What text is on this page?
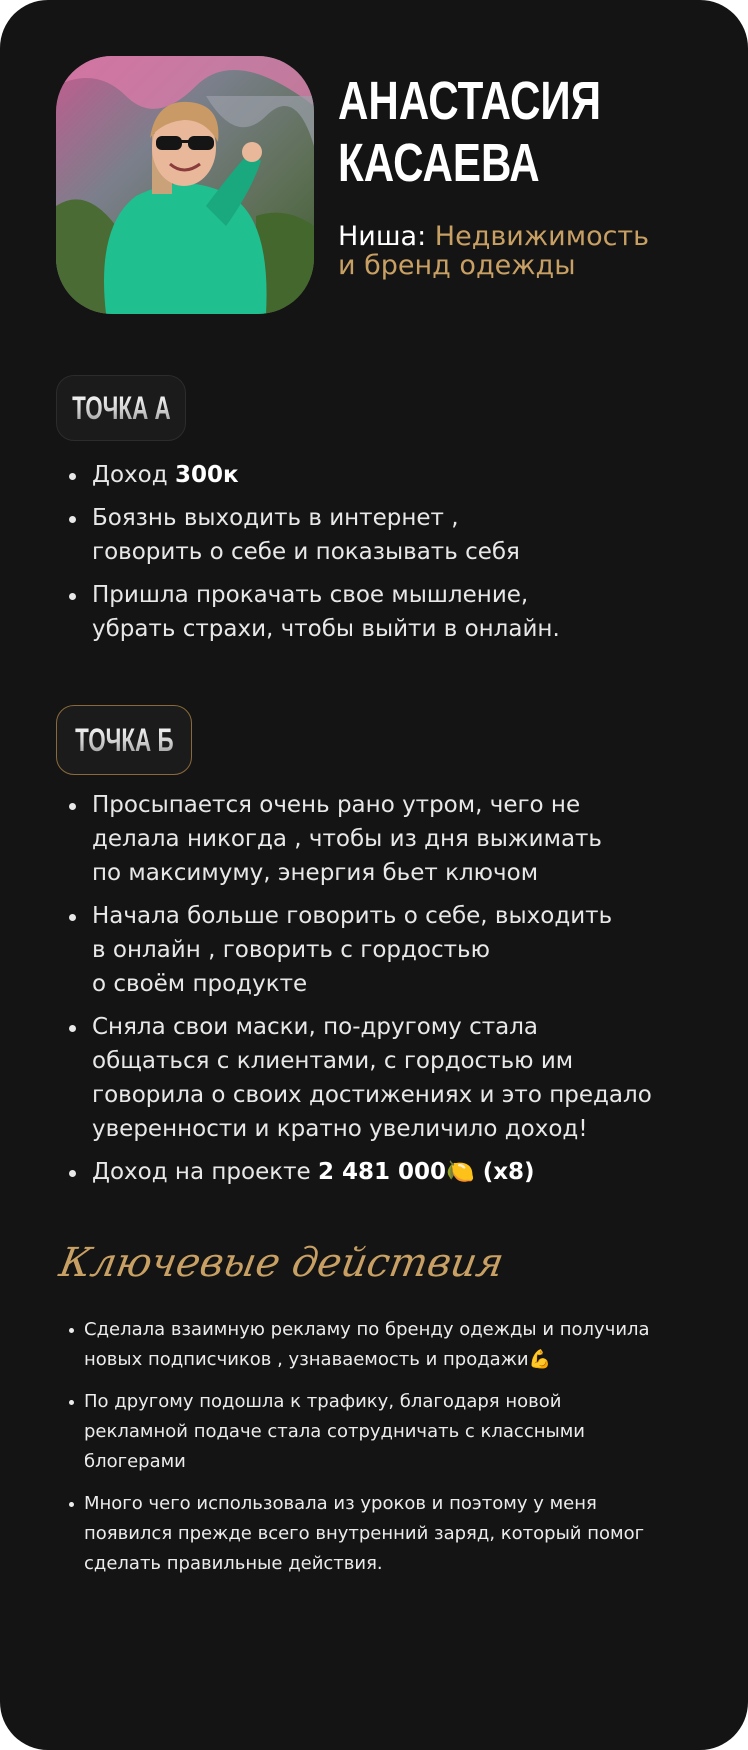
АНАСТАСИЯ
КАСАЕВА
Ниша: Недвижимость
и бренд одежды
ТОЧКА А
Доход 300к
Боязнь выходить в интернет ,
говорить о себе и показывать себя
Пришла прокачать свое мышление,
убрать страхи, чтобы выйти в онлайн.
ТОЧКА Б
Просыпается очень рано утром, чего не
делала никогда , чтобы из дня выжимать
по максимуму, энергия бьет ключом
Начала больше говорить о себе, выходить
в онлайн , говорить с гордостью
о своём продукте
Сняла свои маски, по-другому стала
общаться с клиентами, с гордостью им
говорила о своих достижениях и это предало
уверенности и кратно увеличило доход!
Доход на проекте 2 481 000🍋 (х8)
Ключевые действия
Сделала взаимную рекламу по бренду одежды и получила
новых подписчиков , узнаваемость и продажи💪
По другому подошла к трафику, благодаря новой
рекламной подаче стала сотрудничать с классными
блогерами
Много чего использовала из уроков и поэтому у меня
появился прежде всего внутренний заряд, который помог
сделать правильные действия.
